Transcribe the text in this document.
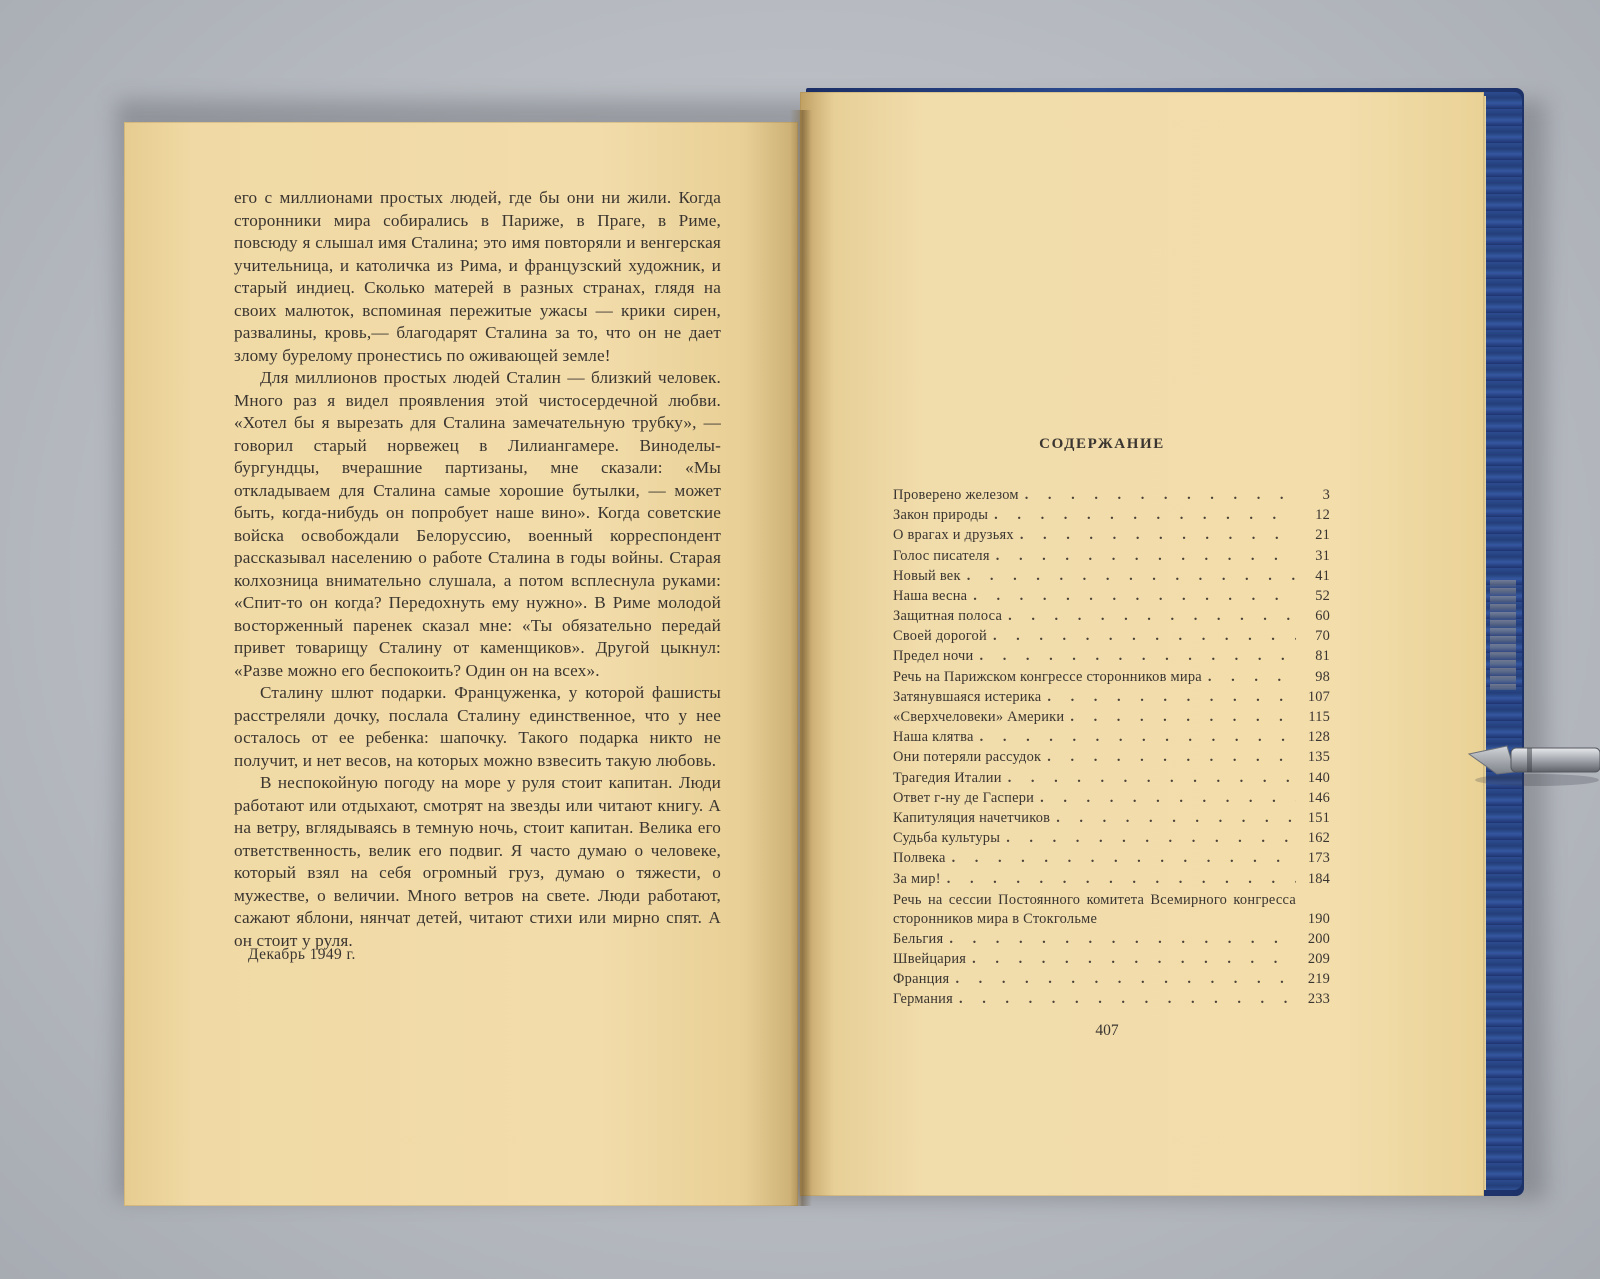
его с миллионами простых людей, где бы они ни жили. Когда сторонники мира собирались в Париже, в Праге, в Риме, повсюду я слышал имя Сталина; это имя повторяли и венгерская учительница, и католичка из Рима, и французский художник, и старый индиец. Сколько матерей в разных странах, глядя на своих малюток, вспоминая пережитые ужасы — крики сирен, развалины, кровь,— благодарят Сталина за то, что он не дает злому бурелому пронестись по оживающей земле!

Для миллионов простых людей Сталин — близкий человек. Много раз я видел проявления этой чистосердечной любви. «Хотел бы я вырезать для Сталина замечательную трубку», — говорил старый норвежец в Лилиангамере. Виноделы-бургундцы, вчерашние партизаны, мне сказали: «Мы откладываем для Сталина самые хорошие бутылки, — может быть, когда-нибудь он попробует наше вино». Когда советские войска освобождали Белоруссию, военный корреспондент рассказывал населению о работе Сталина в годы войны. Старая колхозница внимательно слушала, а потом всплеснула руками: «Спит-то он когда? Передохнуть ему нужно». В Риме молодой восторженный паренек сказал мне: «Ты обязательно передай привет товарищу Сталину от каменщиков». Другой цыкнул: «Разве можно его беспокоить? Один он на всех».

Сталину шлют подарки. Француженка, у которой фашисты расстреляли дочку, послала Сталину единственное, что у нее осталось от ее ребенка: шапочку. Такого подарка никто не получит, и нет весов, на которых можно взвесить такую любовь.

В неспокойную погоду на море у руля стоит капитан. Люди работают или отдыхают, смотрят на звезды или читают книгу. А на ветру, вглядываясь в темную ночь, стоит капитан. Велика его ответственность, велик его подвиг. Я часто думаю о человеке, который взял на себя огромный груз, думаю о тяжести, о мужестве, о величии. Много ветров на свете. Люди работают, сажают яблони, нянчат детей, читают стихи или мирно спят. А он стоит у руля.

Декабрь 1949 г.
СОДЕРЖАНИЕ
Проверено железом . . .	3
Закон природы . . .	12
О врагах и друзьях . . .	21
Голос писателя . . .	31
Новый век . . .	41
Наша весна . . .	52
Защитная полоса . . .	60
Своей дорогой . . .	70
Предел ночи . . .	81
Речь на Парижском конгрессе сторонников мира . . .	98
Затянувшаяся истерика . . .	107
«Сверхчеловеки» Америки . . .	115
Наша клятва . . .	128
Они потеряли рассудок . . .	135
Трагедия Италии . . .	140
Ответ г-ну де Гаспери . . .	146
Капитуляция начетчиков . . .	151
Судьба культуры . . .	162
Полвека . . .	173
За мир! . . .	184
Речь на сессии Постоянного комитета Всемирного конгресса сторонников мира в Стокгольме	190
Бельгия . . .	200
Швейцария . . .	209
Франция . . .	219
Германия . . .	233
407
